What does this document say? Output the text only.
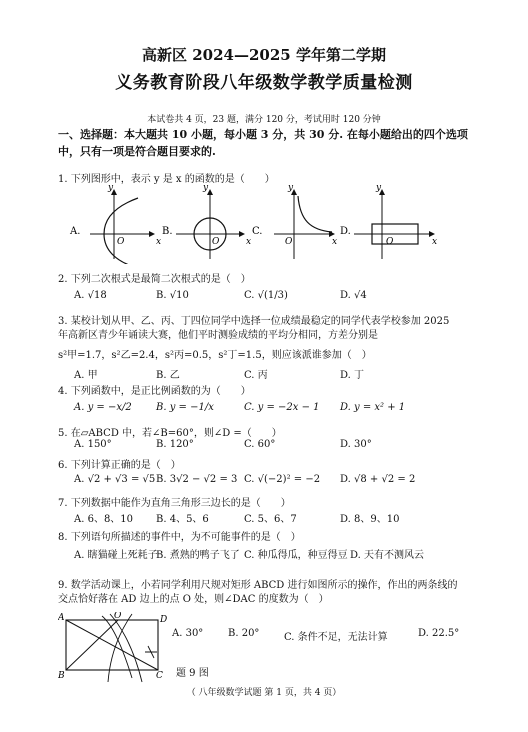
高新区 2024—2025 学年第二学期
义务教育阶段八年级数学教学质量检测
本试卷共 4 页，23 题，满分 120 分，考试用时 120 分钟
一、选择题：本大题共 10 小题，每小题 3 分，共 30 分. 在每小题给出的四个选项中，只有一项是符合题目要求的.
1. 下列图形中，表示 y 是 x 的函数的是（　　）
A.
y
x
O
B.
y
x
O
C.
y
x
O
D.
y
x
O
2. 下列二次根式是最简二次根式的是（　）
A. √18	B. √10	C. √(1/3)	D. √4
3. 某校计划从甲、乙、丙、丁四位同学中选择一位成绩最稳定的同学代表学校参加 2025
年高新区青少年诵读大赛，他们平时测验成绩的平均分相同，方差分别是
s²甲=1.7，s²乙=2.4，s²丙=0.5，s²丁=1.5，则应该派谁参加（　）
A. 甲	B. 乙	C. 丙	D. 丁
4. 下列函数中，是正比例函数的为（　　）
A. y = −x/2 B. y = −1/x	C. y = −2x − 1 D. y = x² + 1
5. 在▱ABCD 中，若∠B=60°，则∠D =（　　）
A. 150°	B. 120°	C. 60°	D. 30°
6. 下列计算正确的是（　）
A. √2 + √3 = √5 B. 3√2 − √2 = 3 C. √(−2)² = −2 D. √8 + √2 = 2
7. 下列数据中能作为直角三角形三边长的是（　　）
A. 6、8、10 B. 4、5、6	C. 5、6、7	D. 8、9、10
8. 下列语句所描述的事件中，为不可能事件的是（　）
A. 瞎猫碰上死耗子
B. 煮熟的鸭子飞了 C. 种瓜得瓜，种豆得豆 D. 天有不测风云
9. 数学活动课上，小若同学利用尺规对矩形 ABCD 进行如图所示的操作，作出的两条线的
交点恰好落在 AD 边上的点 O 处，则∠DAC 的度数为（　）
A	D
B	C
O
A. 30° B. 20° C. 条件不足，无法计算	D. 22.5°
题 9 图
（ 八年级数学试题 第 1 页，共 4 页）
